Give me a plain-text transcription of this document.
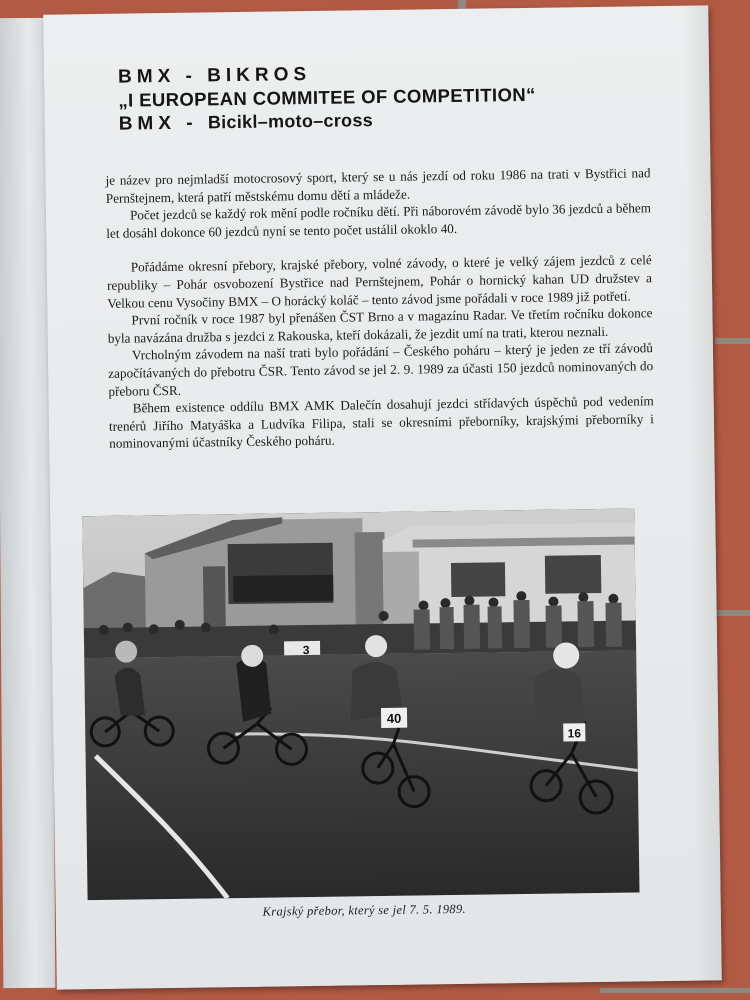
BMX - BIKROS
„I EUROPEAN COMMITEE OF COMPETITION“
BMX - Bicikl–moto–cross

je název pro nejmladší motocrosový sport, který se u nás jezdí od roku 1986 na trati v Bystřici nad Pernštejnem, která patří městskému domu dětí a mládeže.

Počet jezdců se každý rok mění podle ročníku dětí. Při náborovém závodě bylo 36 jezdců a během let dosáhl dokonce 60 jezdců nyní se tento počet ustálil okoklo 40.

Pořádáme okresní přebory, krajské přebory, volné závody, o které je velký zájem jezdců z celé republiky – Pohár osvobození Bystřice nad Pernštejnem, Pohár o hornický kahan UD družstev a Velkou cenu Vysočiny BMX – O horácký koláč – tento závod jsme pořádali v roce 1989 již potřetí.

První ročník v roce 1987 byl přenášen ČST Brno a v magazínu Radar. Ve třetím ročníku dokonce byla navázána družba s jezdci z Rakouska, kteří dokázali, že jezdit umí na trati, kterou neznali.

Vrcholným závodem na naší trati bylo pořádání – Českého poháru – který je jeden ze tří závodů započítávaných do přebotru ČSR. Tento závod se jel 2. 9. 1989 za účasti 150 jezdců nominovaných do přeboru ČSR.

Během existence oddílu BMX AMK Dalečín dosahují jezdci střídavých úspěchů pod vedením trenérů Jiřího Matyáška a Ludvíka Filipa, stali se okresními přeborníky, krajskými přeborníky i nominovanými účastníky Českého poháru.

3
40
16
Krajský přebor, který se jel 7. 5. 1989.
